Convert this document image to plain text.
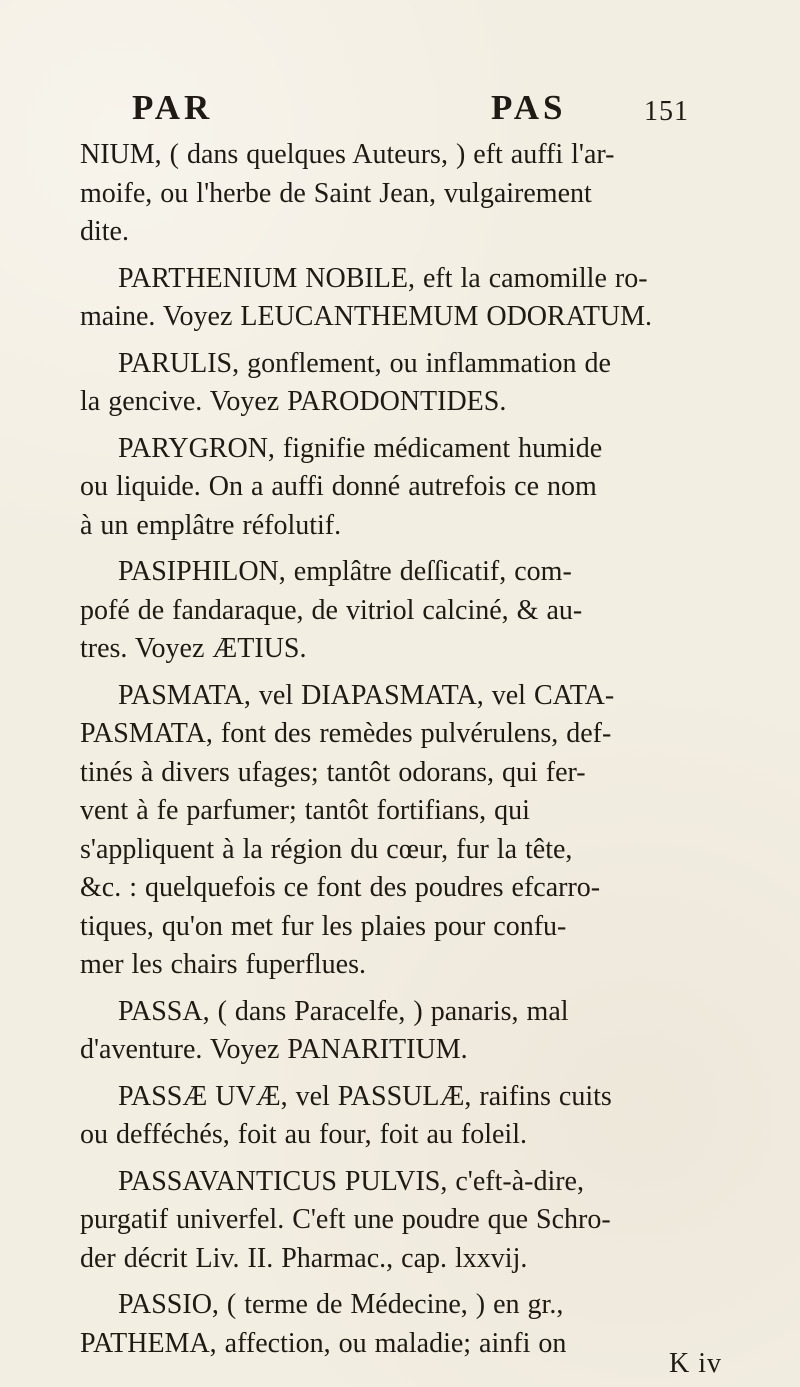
PAR	PAS	151
NIUM, ( dans quelques Auteurs, ) eft auffi l'ar-
moife, ou l'herbe de Saint Jean, vulgairement
dite.
PARTHENIUM NOBILE, eft la camomille ro-
maine. Voyez LEUCANTHEMUM ODORATUM.
PARULIS, gonflement, ou inflammation de
la gencive. Voyez PARODONTIDES.
PARYGRON, fignifie médicament humide
ou liquide. On a auffi donné autrefois ce nom
à un emplâtre réfolutif.
PASIPHILON, emplâtre deſſicatif, com-
pofé de fandaraque, de vitriol calciné, & au-
tres. Voyez ÆTIUS.
PASMATA, vel DIAPASMATA, vel CATA-
PASMATA, font des remèdes pulvérulens, def-
tinés à divers ufages; tantôt odorans, qui fer-
vent à fe parfumer; tantôt fortifians, qui
s'appliquent à la région du cœur, fur la tête,
&c. : quelquefois ce font des poudres efcarro-
tiques, qu'on met fur les plaies pour confu-
mer les chairs fuperflues.
PASSA, ( dans Paracelfe, ) panaris, mal
d'aventure. Voyez PANARITIUM.
PASSÆ UVÆ, vel PASSULÆ, raifins cuits
ou defféchés, foit au four, foit au foleil.
PASSAVANTICUS PULVIS, c'eft-à-dire,
purgatif univerfel. C'eft une poudre que Schro-
der décrit Liv. II. Pharmac., cap. lxxvij.
PASSIO, ( terme de Médecine, ) en gr.,
PATHEMA, affection, ou maladie; ainfi on
K iv
